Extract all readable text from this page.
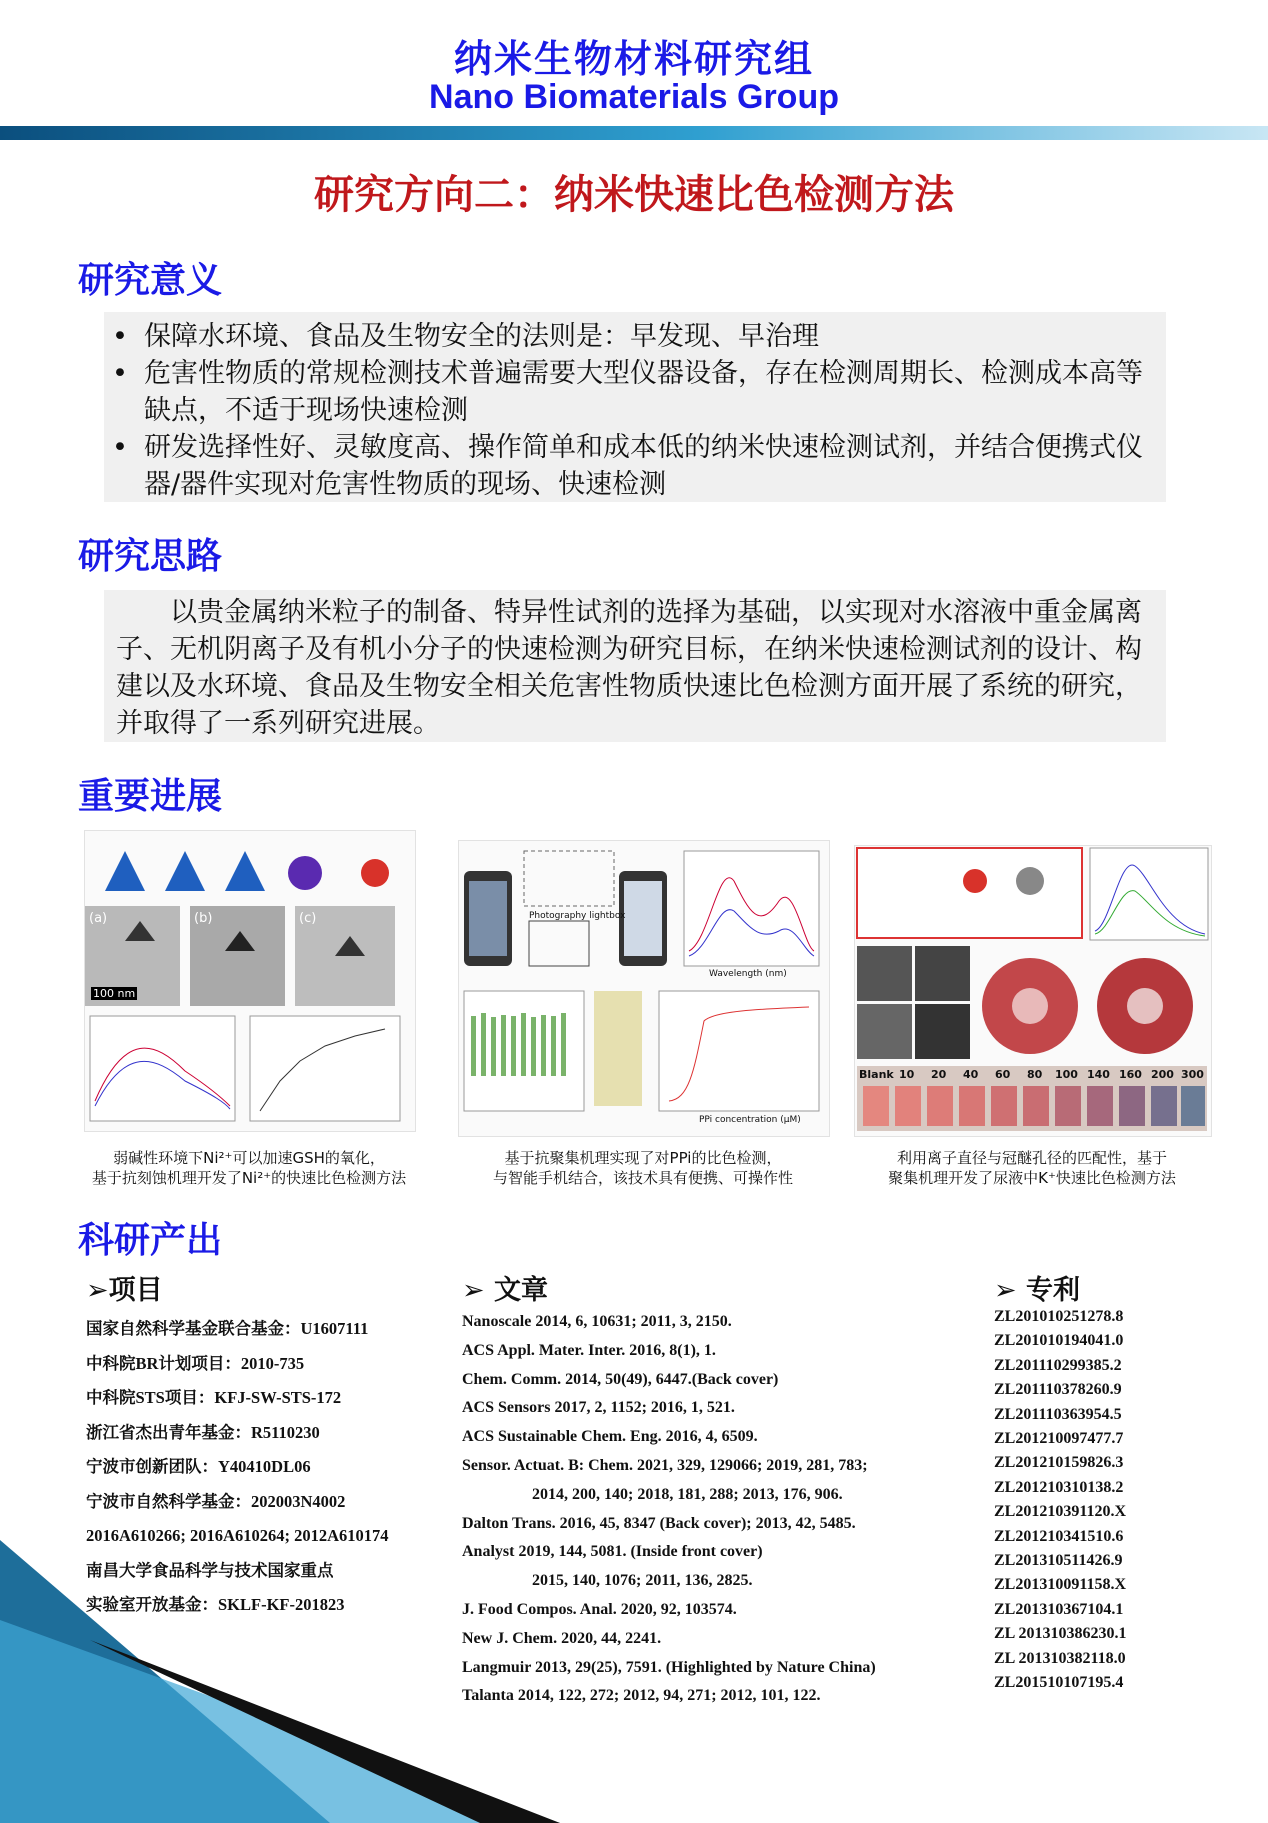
纳米生物材料研究组
Nano Biomaterials Group
研究方向二：纳米快速比色检测方法
研究意义
• 保障水环境、食品及生物安全的法则是：早发现、早治理
• 危害性物质的常规检测技术普遍需要大型仪器设备，存在检测周期长、检测成本高等缺点，不适于现场快速检测
• 研发选择性好、灵敏度高、操作简单和成本低的纳米快速检测试剂，并结合便携式仪器/器件实现对危害性物质的现场、快速检测
研究思路
以贵金属纳米粒子的制备、特异性试剂的选择为基础，以实现对水溶液中重金属离子、无机阴离子及有机小分子的快速检测为研究目标，在纳米快速检测试剂的设计、构建以及水环境、食品及生物安全相关危害性物质快速比色检测方面开展了系统的研究，并取得了一系列研究进展。
重要进展
(a)	(b)	(c)
100 nm
弱碱性环境下Ni²⁺可以加速GSH的氧化，
基于抗刻蚀机理开发了Ni²⁺的快速比色检测方法
Photography lightbox
Wavelength (nm)
PPi concentration (μM)
基于抗聚集机理实现了对PPi的比色检测，
与智能手机结合，该技术具有便携、可操作性
Blank 10 20 40 60 80 100 140 160 200 300
利用离子直径与冠醚孔径的匹配性，基于
聚集机理开发了尿液中K⁺快速比色检测方法
科研产出
➢项目
国家自然科学基金联合基金：U1607111
中科院BR计划项目：2010-735
中科院STS项目：KFJ-SW-STS-172
浙江省杰出青年基金：R5110230
宁波市创新团队：Y40410DL06
宁波市自然科学基金：202003N4002
2016A610266; 2016A610264; 2012A610174
南昌大学食品科学与技术国家重点
实验室开放基金：SKLF-KF-201823
➢ 文章
Nanoscale 2014, 6, 10631; 2011, 3, 2150.
ACS Appl. Mater. Inter. 2016, 8(1), 1.
Chem. Comm. 2014, 50(49), 6447.(Back cover)
ACS Sensors 2017, 2, 1152; 2016, 1, 521.
ACS Sustainable Chem. Eng. 2016, 4, 6509.
Sensor. Actuat. B: Chem. 2021, 329, 129066; 2019, 281, 783;
2014, 200, 140; 2018, 181, 288; 2013, 176, 906.
Dalton Trans. 2016, 45, 8347 (Back cover); 2013, 42, 5485.
Analyst 2019, 144, 5081. (Inside front cover)
2015, 140, 1076; 2011, 136, 2825.
J. Food Compos. Anal. 2020, 92, 103574.
New J. Chem. 2020, 44, 2241.
Langmuir 2013, 29(25), 7591. (Highlighted by Nature China)
Talanta 2014, 122, 272; 2012, 94, 271; 2012, 101, 122.
➢ 专利
ZL201010251278.8
ZL201010194041.0
ZL201110299385.2
ZL201110378260.9
ZL201110363954.5
ZL201210097477.7
ZL201210159826.3
ZL201210310138.2
ZL201210391120.X
ZL201210341510.6
ZL201310511426.9
ZL201310091158.X
ZL201310367104.1
ZL 201310386230.1
ZL 201310382118.0
ZL201510107195.4
